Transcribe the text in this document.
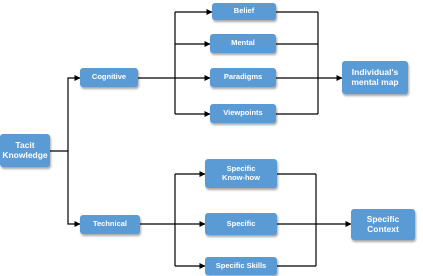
Tacit
Knowledge
Cognitive
Technical
Belief
Mental
Paradigms
Viewpoints
Individual's
mental map
Specific
Know-how
Specific
Specific Skills
Specific
Context
